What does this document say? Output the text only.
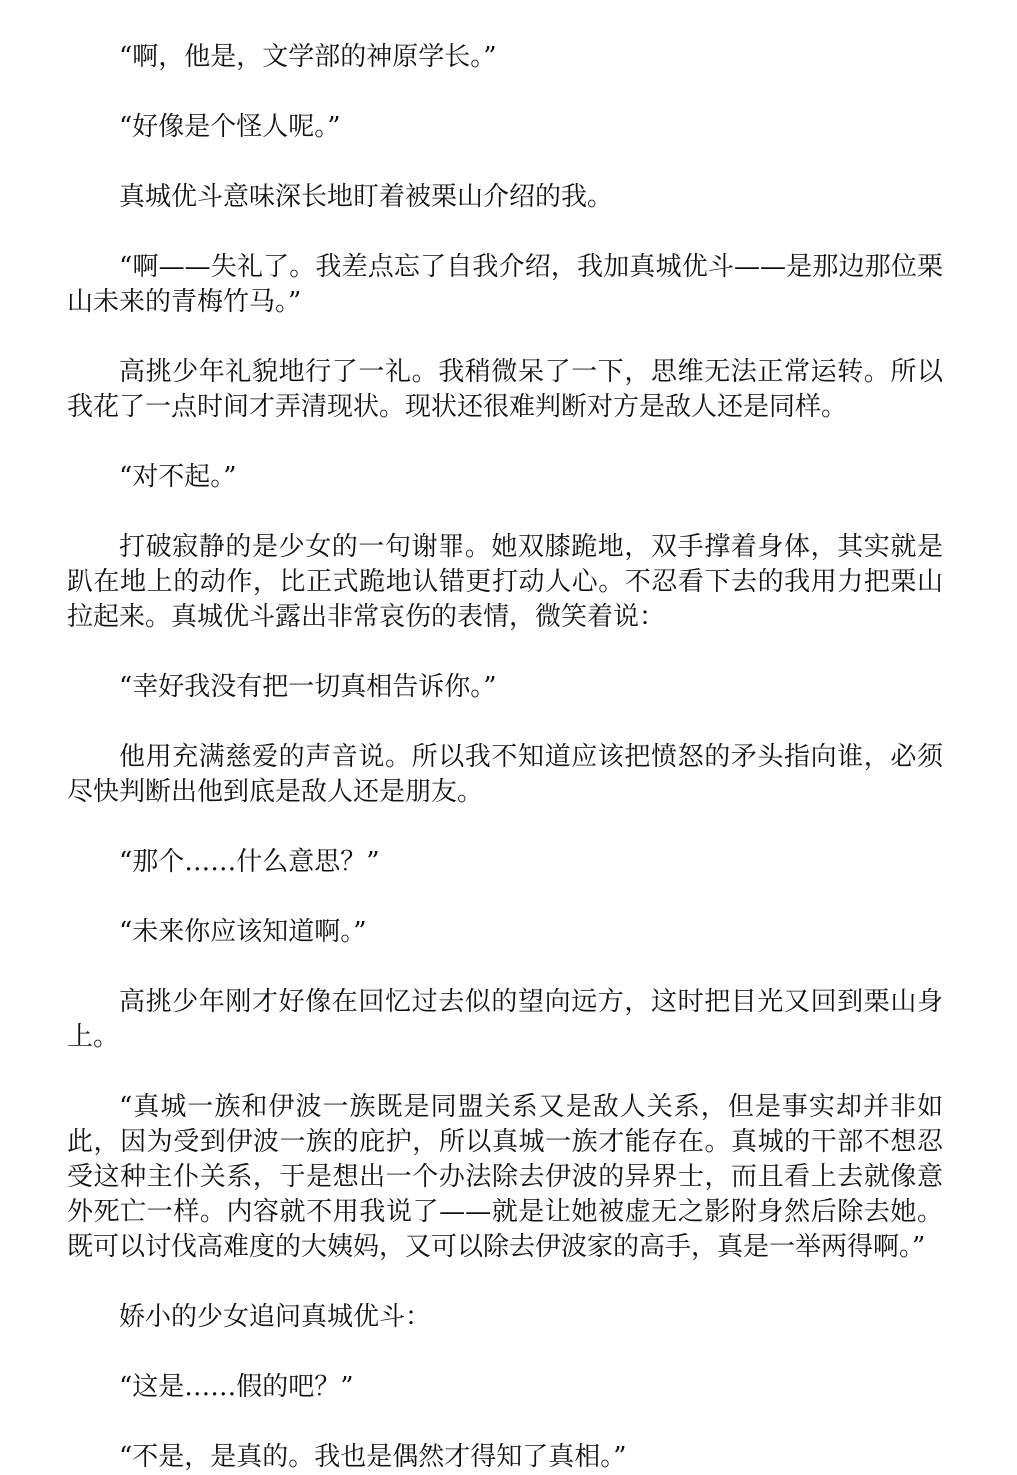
“啊，他是，文学部的神原学长。”

“好像是个怪人呢。”

真城优斗意味深长地盯着被栗山介绍的我。

“啊——失礼了。我差点忘了自我介绍，我加真城优斗——是那边那位栗山未来的青梅竹马。”

高挑少年礼貌地行了一礼。我稍微呆了一下，思维无法正常运转。所以我花了一点时间才弄清现状。现状还很难判断对方是敌人还是同样。

“对不起。”

打破寂静的是少女的一句谢罪。她双膝跪地，双手撑着身体，其实就是趴在地上的动作，比正式跪地认错更打动人心。不忍看下去的我用力把栗山拉起来。真城优斗露出非常哀伤的表情，微笑着说：

“幸好我没有把一切真相告诉你。”

他用充满慈爱的声音说。所以我不知道应该把愤怒的矛头指向谁，必须尽快判断出他到底是敌人还是朋友。

“那个……什么意思？”

“未来你应该知道啊。”

高挑少年刚才好像在回忆过去似的望向远方，这时把目光又回到栗山身上。

“真城一族和伊波一族既是同盟关系又是敌人关系，但是事实却并非如此，因为受到伊波一族的庇护，所以真城一族才能存在。真城的干部不想忍受这种主仆关系，于是想出一个办法除去伊波的异界士，而且看上去就像意外死亡一样。内容就不用我说了——就是让她被虚无之影附身然后除去她。既可以讨伐高难度的大姨妈，又可以除去伊波家的高手，真是一举两得啊。”

娇小的少女追问真城优斗：

“这是……假的吧？”

“不是，是真的。我也是偶然才得知了真相。”
